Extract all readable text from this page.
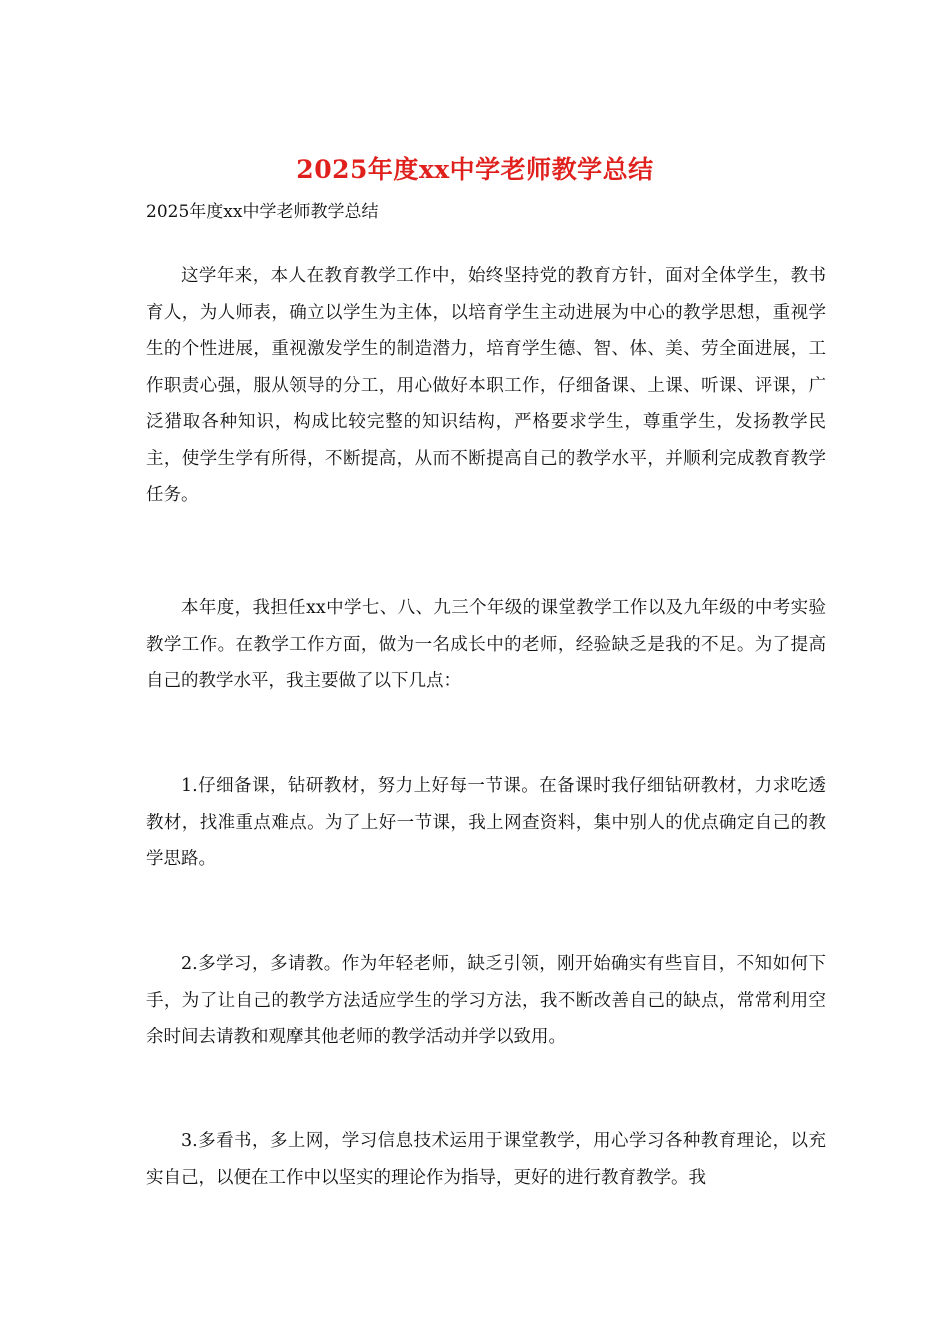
2025年度xx中学老师教学总结
2025年度xx中学老师教学总结

这学年来，本人在教育教学工作中，始终坚持党的教育方针，面对全体学生，教书育人，为人师表，确立以学生为主体，以培育学生主动进展为中心的教学思想，重视学生的个性进展，重视激发学生的制造潜力，培育学生德、智、体、美、劳全面进展，工作职责心强，服从领导的分工，用心做好本职工作，仔细备课、上课、听课、评课，广泛猎取各种知识，构成比较完整的知识结构，严格要求学生，尊重学生，发扬教学民主，使学生学有所得，不断提高，从而不断提高自己的教学水平，并顺利完成教育教学任务。

本年度，我担任xx中学七、八、九三个年级的课堂教学工作以及九年级的中考实验教学工作。在教学工作方面，做为一名成长中的老师，经验缺乏是我的不足。为了提高自己的教学水平，我主要做了以下几点：

1.仔细备课，钻研教材，努力上好每一节课。在备课时我仔细钻研教材，力求吃透教材，找准重点难点。为了上好一节课，我上网查资料，集中别人的优点确定自己的教学思路。

2.多学习，多请教。作为年轻老师，缺乏引领，刚开始确实有些盲目，不知如何下手，为了让自己的教学方法适应学生的学习方法，我不断改善自己的缺点，常常利用空余时间去请教和观摩其他老师的教学活动并学以致用。

3.多看书，多上网，学习信息技术运用于课堂教学，用心学习各种教育理论，以充实自己，以便在工作中以坚实的理论作为指导，更好的进行教育教学。我
